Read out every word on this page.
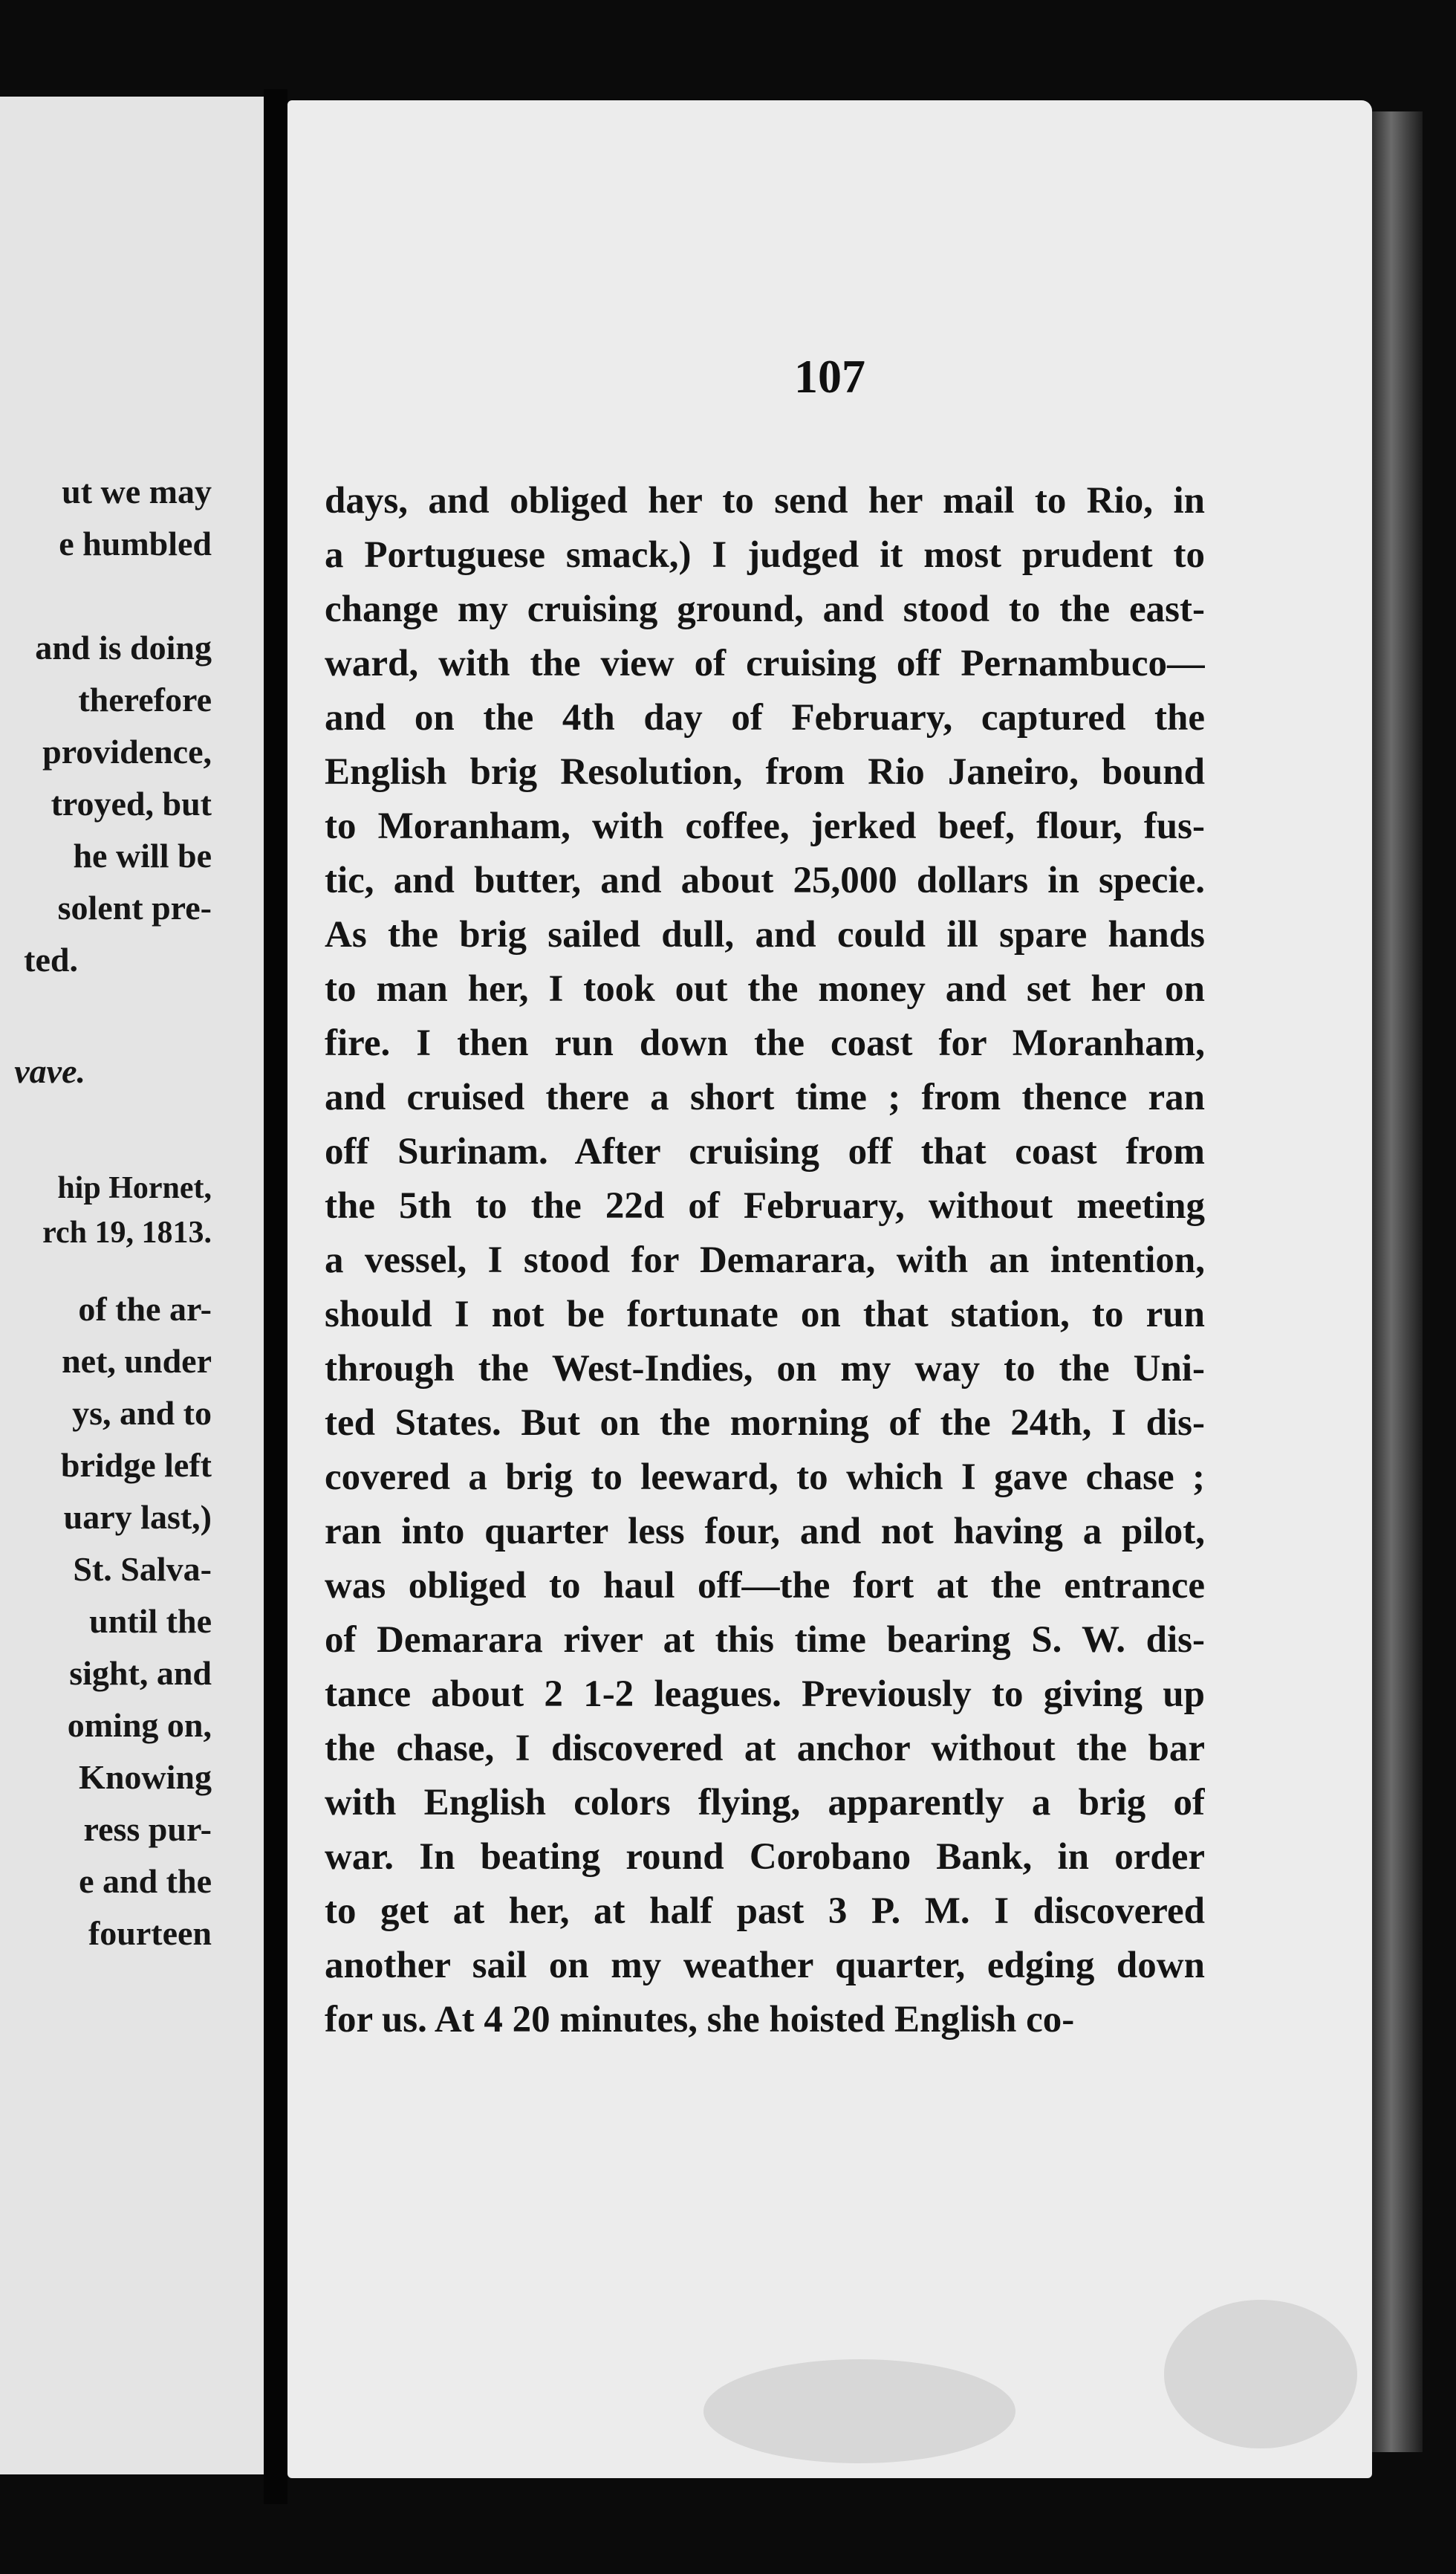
ut we may
e humbled
and is doing
therefore
providence,
troyed, but
he will be
solent pre-
ted.
vave.
hip Hornet,
rch 19, 1813.
of the ar-
net, under
ys, and to
bridge left
uary last,)
St. Salva-
until the
sight, and
oming on,
Knowing
ress pur-
e and the
fourteen
107
days, and obliged her to send her mail to Rio, in
a Portuguese smack,) I judged it most prudent to
change my cruising ground, and stood to the east-
ward, with the view of cruising off Pernambuco—
and on the 4th day of February, captured the
English brig Resolution, from Rio Janeiro, bound
to Moranham, with coffee, jerked beef, flour, fus-
tic, and butter, and about 25,000 dollars in specie.
As the brig sailed dull, and could ill spare hands
to man her, I took out the money and set her on
fire. I then run down the coast for Moranham,
and cruised there a short time ; from thence ran
off Surinam. After cruising off that coast from
the 5th to the 22d of February, without meeting
a vessel, I stood for Demarara, with an intention,
should I not be fortunate on that station, to run
through the West-Indies, on my way to the Uni-
ted States. But on the morning of the 24th, I dis-
covered a brig to leeward, to which I gave chase ;
ran into quarter less four, and not having a pilot,
was obliged to haul off—the fort at the entrance
of Demarara river at this time bearing S. W. dis-
tance about 2 1-2 leagues. Previously to giving up
the chase, I discovered at anchor without the bar
with English colors flying, apparently a brig of
war. In beating round Corobano Bank, in order
to get at her, at half past 3 P. M. I discovered
another sail on my weather quarter, edging down
for us. At 4 20 minutes, she hoisted English co-
